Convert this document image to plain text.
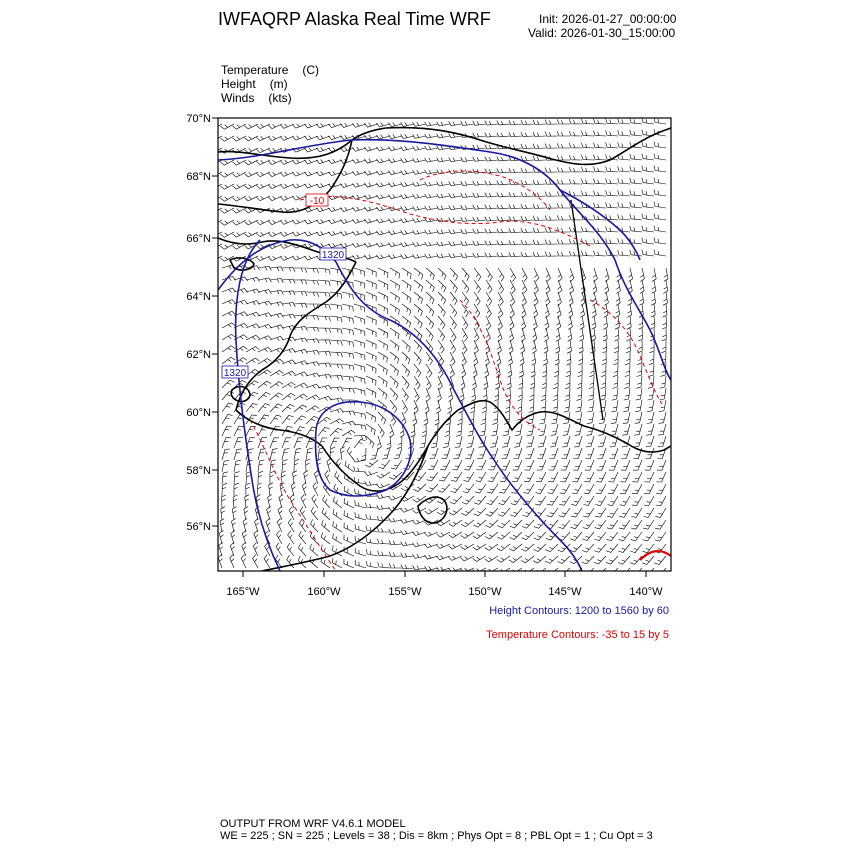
IWFAQRP Alaska Real Time WRF	Init: 2026-01-27_00:00:00
Valid: 2026-01-30_15:00:00
Temperature (C)
Height (m)
Winds (kts)
1320
1320
-10
70°N
68°N
66°N
64°N
62°N
60°N
58°N
56°N
165°W	160°W	155°W	150°W	145°W	140°W
Height Contours: 1200 to 1560 by 60
Temperature Contours: -35 to 15 by 5
OUTPUT FROM WRF V4.6.1 MODEL
WE = 225 ; SN = 225 ; Levels = 38 ; Dis = 8km ; Phys Opt = 8 ; PBL Opt = 1 ; Cu Opt = 3
